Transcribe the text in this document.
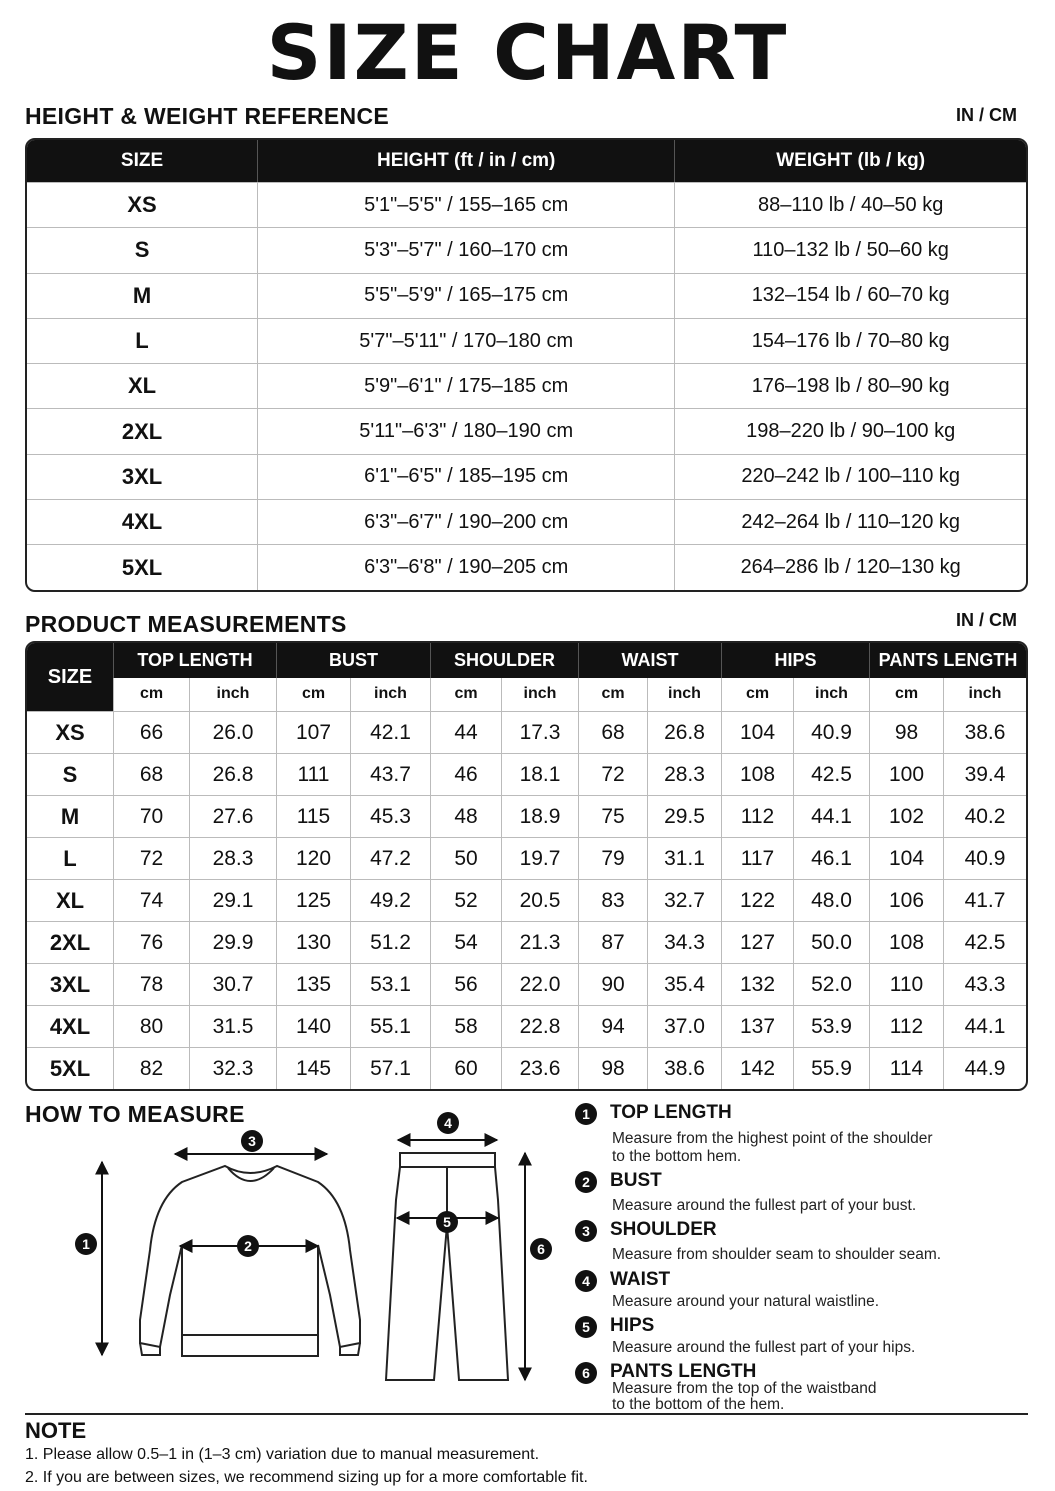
SIZE CHART
HEIGHT & WEIGHT REFERENCE	IN / CM
SIZE	HEIGHT (ft / in / cm)	WEIGHT (lb / kg)
XS	5'1"–5'5" / 155–165 cm	88–110 lb / 40–50 kg
S	5'3"–5'7" / 160–170 cm	110–132 lb / 50–60 kg
M	5'5"–5'9" / 165–175 cm	132–154 lb / 60–70 kg
L	5'7"–5'11" / 170–180 cm	154–176 lb / 70–80 kg
XL	5'9"–6'1" / 175–185 cm	176–198 lb / 80–90 kg
2XL	5'11"–6'3" / 180–190 cm	198–220 lb / 90–100 kg
3XL	6'1"–6'5" / 185–195 cm	220–242 lb / 100–110 kg
4XL	6'3"–6'7" / 190–200 cm	242–264 lb / 110–120 kg
5XL	6'3"–6'8" / 190–205 cm	264–286 lb / 120–130 kg
PRODUCT MEASUREMENTS	IN / CM
SIZE	TOP LENGTH		BUST		SHOULDER		WAIST		HIPS		PANTS LENGTH	
	cm	inch	cm	inch	cm	inch	cm	inch	cm	inch	cm	inch
XS	66	26.0	107	42.1	44	17.3	68	26.8	104	40.9	98	38.6
S	68	26.8	111	43.7	46	18.1	72	28.3	108	42.5	100	39.4
M	70	27.6	115	45.3	48	18.9	75	29.5	112	44.1	102	40.2
L	72	28.3	120	47.2	50	19.7	79	31.1	117	46.1	104	40.9
XL	74	29.1	125	49.2	52	20.5	83	32.7	122	48.0	106	41.7
2XL	76	29.9	130	51.2	54	21.3	87	34.3	127	50.0	108	42.5
3XL	78	30.7	135	53.1	56	22.0	90	35.4	132	52.0	110	43.3
4XL	80	31.5	140	55.1	58	22.8	94	37.0	137	53.9	112	44.1
5XL	82	32.3	145	57.1	60	23.6	98	38.6	142	55.9	114	44.9
HOW TO MEASURE
1	2
3
4
5
6
1	TOP LENGTH
Measure from the highest point of the shoulder
to the bottom hem.
2	BUST
Measure around the fullest part of your bust.
3	SHOULDER
Measure from shoulder seam to shoulder seam.
4	WAIST
Measure around your natural waistline.
5	HIPS
Measure around the fullest part of your hips.
6	PANTS LENGTH
Measure from the top of the waistband
to the bottom of the hem.
NOTE
1. Please allow 0.5–1 in (1–3 cm) variation due to manual measurement.
2. If you are between sizes, we recommend sizing up for a more comfortable fit.
